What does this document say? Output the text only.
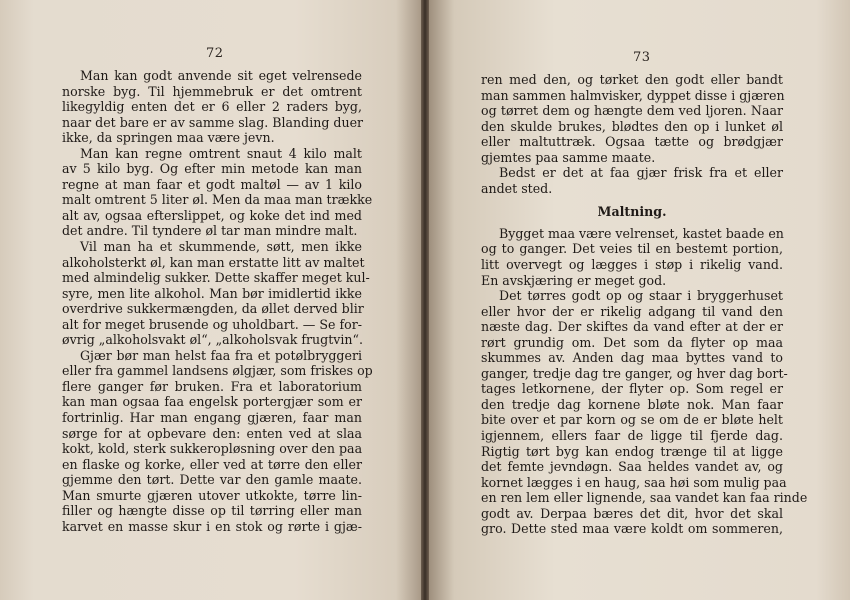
72
Man kan godt anvende sit eget velrensede
norske byg. Til hjemmebruk er det omtrent
likegyldig enten det er 6 eller 2 raders byg,
naar det bare er av samme slag. Blanding duer
ikke, da springen maa være jevn.
Man kan regne omtrent snaut 4 kilo malt
av 5 kilo byg. Og efter min metode kan man
regne at man faar et godt maltøl — av 1 kilo
malt omtrent 5 liter øl. Men da maa man trække
alt av, ogsaa efterslippet, og koke det ind med
det andre. Til tyndere øl tar man mindre malt.
Vil man ha et skummende, søtt, men ikke
alkoholsterkt øl, kan man erstatte litt av maltet
med almindelig sukker. Dette skaffer meget kul-
syre, men lite alkohol. Man bør imidlertid ikke
overdrive sukkermængden, da øllet derved blir
alt for meget brusende og uholdbart. — Se for-
øvrig „alkoholsvakt øl“, „alkoholsvak frugtvin“.
Gjær bør man helst faa fra et potølbryggeri
eller fra gammel landsens ølgjær, som friskes op
flere ganger før bruken. Fra et laboratorium
kan man ogsaa faa engelsk portergjær som er
fortrinlig. Har man engang gjæren, faar man
sørge for at opbevare den: enten ved at slaa
kokt, kold, sterk sukkeropløsning over den paa
en flaske og korke, eller ved at tørre den eller
gjemme den tørt. Dette var den gamle maate.
Man smurte gjæren utover utkokte, tørre lin-
filler og hængte disse op til tørring eller man
karvet en masse skur i en stok og rørte i gjæ-
73
ren med den, og tørket den godt eller bandt
man sammen halmvisker, dyppet disse i gjæren
og tørret dem og hængte dem ved ljoren. Naar
den skulde brukes, blødtes den op i lunket øl
eller maltuttræk. Ogsaa tætte og brødgjær
gjemtes paa samme maate.
Bedst er det at faa gjær frisk fra et eller
andet sted.
Maltning.
Bygget maa være velrenset, kastet baade en
og to ganger. Det veies til en bestemt portion,
litt overvegt og lægges i støp i rikelig vand.
En avskjæring er meget god.
Det tørres godt op og staar i bryggerhuset
eller hvor der er rikelig adgang til vand den
næste dag. Der skiftes da vand efter at der er
rørt grundig om. Det som da flyter op maa
skummes av. Anden dag maa byttes vand to
ganger, tredje dag tre ganger, og hver dag bort-
tages letkornene, der flyter op. Som regel er
den tredje dag kornene bløte nok. Man faar
bite over et par korn og se om de er bløte helt
igjennem, ellers faar de ligge til fjerde dag.
Rigtig tørt byg kan endog trænge til at ligge
det femte jevndøgn. Saa heldes vandet av, og
kornet lægges i en haug, saa høi som mulig paa
en ren lem eller lignende, saa vandet kan faa rinde
godt av. Derpaa bæres det dit, hvor det skal
gro. Dette sted maa være koldt om sommeren,
